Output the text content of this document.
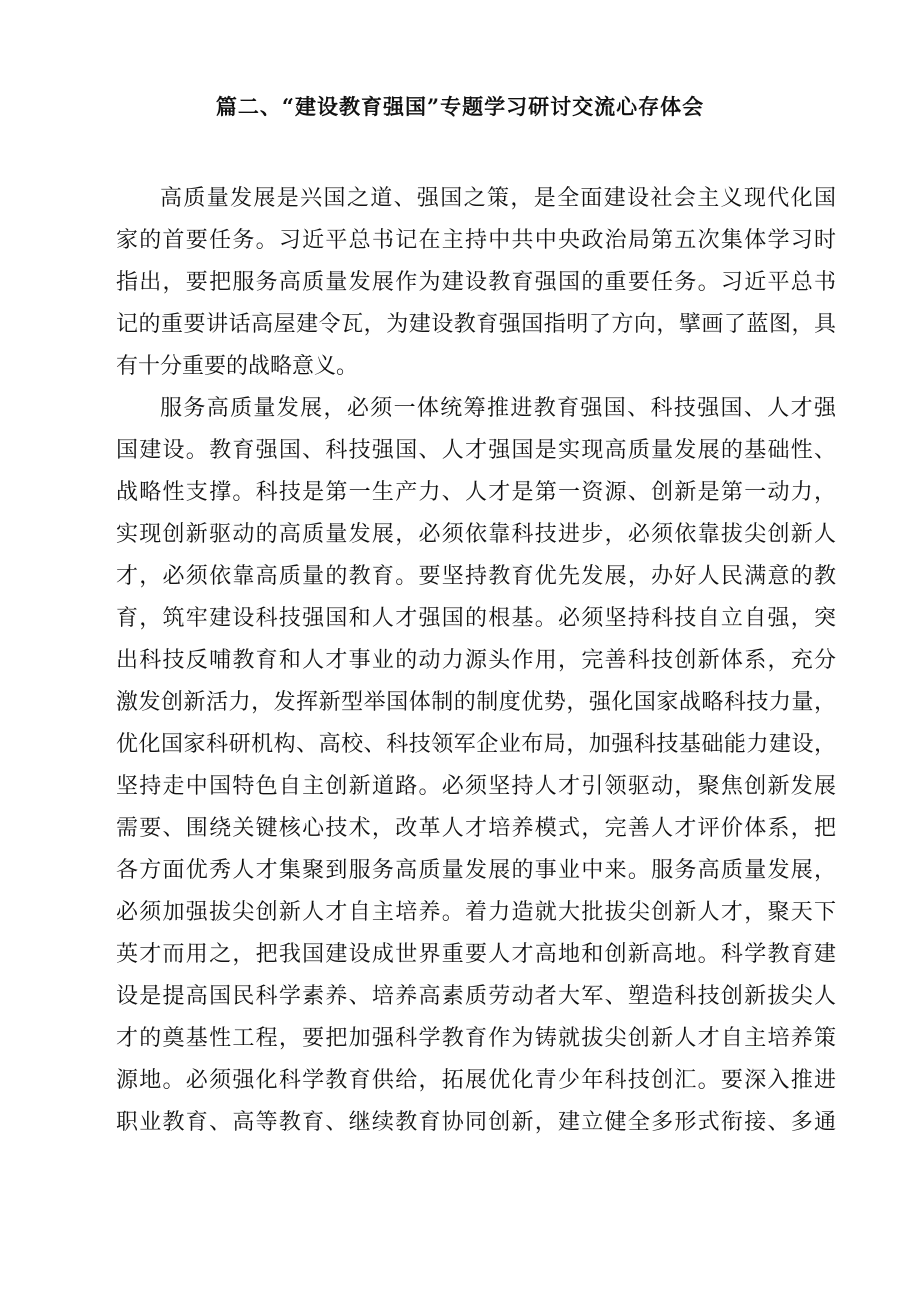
篇二、“建设教育强国”专题学习研讨交流心存体会
高质量发展是兴国之道、强国之策，是全面建设社会主义现代化国
家的首要任务。习近平总书记在主持中共中央政治局第五次集体学习时
指出，要把服务高质量发展作为建设教育强国的重要任务。习近平总书
记的重要讲话高屋建令瓦，为建设教育强国指明了方向，擘画了蓝图，具
有十分重要的战略意义。
服务高质量发展，必须一体统筹推进教育强国、科技强国、人才强
国建设。教育强国、科技强国、人才强国是实现高质量发展的基础性、
战略性支撑。科技是第一生产力、人才是第一资源、创新是第一动力，
实现创新驱动的高质量发展，必须依靠科技进步，必须依靠拔尖创新人
才，必须依靠高质量的教育。要坚持教育优先发展，办好人民满意的教
育，筑牢建设科技强国和人才强国的根基。必须坚持科技自立自强，突
出科技反哺教育和人才事业的动力源头作用，完善科技创新体系，充分
激发创新活力，发挥新型举国体制的制度优势，强化国家战略科技力量，
优化国家科研机构、高校、科技领军企业布局，加强科技基础能力建设，
坚持走中国特色自主创新道路。必须坚持人才引领驱动，聚焦创新发展
需要、围绕关键核心技术，改革人才培养模式，完善人才评价体系，把
各方面优秀人才集聚到服务高质量发展的事业中来。服务高质量发展，
必须加强拔尖创新人才自主培养。着力造就大批拔尖创新人才，聚天下
英才而用之，把我国建设成世界重要人才高地和创新高地。科学教育建
设是提高国民科学素养、培养高素质劳动者大军、塑造科技创新拔尖人
才的奠基性工程，要把加强科学教育作为铸就拔尖创新人才自主培养策
源地。必须强化科学教育供给，拓展优化青少年科技创汇。要深入推进
职业教育、高等教育、继续教育协同创新，建立健全多形式衔接、多通
